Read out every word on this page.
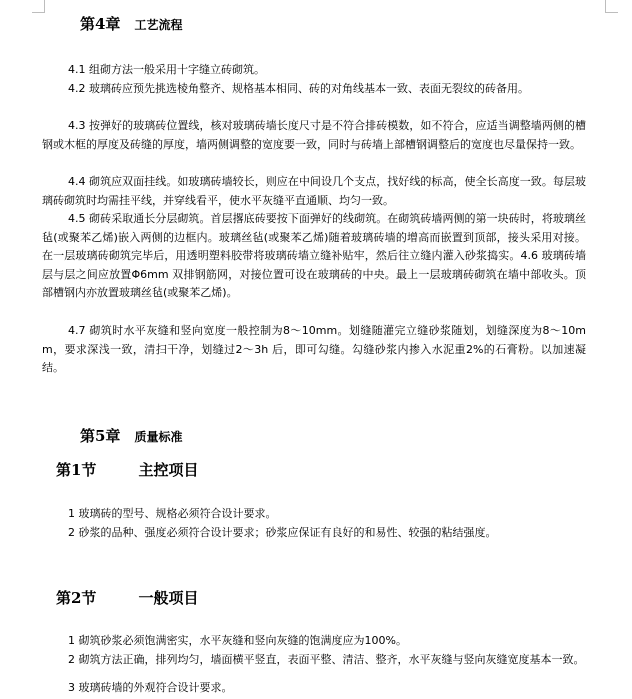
第4章 工艺流程
4.1 组砌方法一般采用十字缝立砖砌筑。
4.2 玻璃砖应预先挑选棱角整齐、规格基本相同、砖的对角线基本一致、表面无裂纹的砖备用。
4.3 按弹好的玻璃砖位置线，核对玻璃砖墙长度尺寸是不符合排砖模数，如不符合，应适当调整墙两侧的槽钢或木框的厚度及砖缝的厚度，墙两侧调整的宽度要一致，同时与砖墙上部槽钢调整后的宽度也尽量保持一致。
4.4 砌筑应双面挂线。如玻璃砖墙较长，则应在中间设几个支点，找好线的标高，使全长高度一致。每层玻璃砖砌筑时均需挂平线，并穿线看平，使水平灰缝平直通顺、均匀一致。
4.5 砌砖采取通长分层砌筑。首层撂底砖要按下面弹好的线砌筑。在砌筑砖墙两侧的第一块砖时，将玻璃丝毡(或聚苯乙烯)嵌入两侧的边框内。玻璃丝毡(或聚苯乙烯)随着玻璃砖墙的增高而嵌置到顶部，接头采用对接。在一层玻璃砖砌筑完毕后，用透明塑料胶带将玻璃砖墙立缝补贴牢，然后往立缝内灌入砂浆捣实。4.6 玻璃砖墙层与层之间应放置Φ6mm 双排钢筋网，对接位置可设在玻璃砖的中央。最上一层玻璃砖砌筑在墙中部收头。顶部槽钢内亦放置玻璃丝毡(或聚苯乙烯)。
4.7 砌筑时水平灰缝和竖向宽度一般控制为8～10mm。划缝随灌完立缝砂浆随划，划缝深度为8～10mm，要求深浅一致，清扫干净，划缝过2～3h 后，即可勾缝。勾缝砂浆内掺入水泥重2%的石膏粉。以加速凝结。
第5章 质量标准
第1节	主控项目
1 玻璃砖的型号、规格必须符合设计要求。
2 砂浆的品种、强度必须符合设计要求；砂浆应保证有良好的和易性、较强的粘结强度。
第2节	一般项目
1 砌筑砂浆必须饱满密实，水平灰缝和竖向灰缝的饱满度应为100%。
2 砌筑方法正确，排列均匀，墙面横平竖直，表面平整、清洁、整齐，水平灰缝与竖向灰缝宽度基本一致。
3 玻璃砖墙的外观符合设计要求。
